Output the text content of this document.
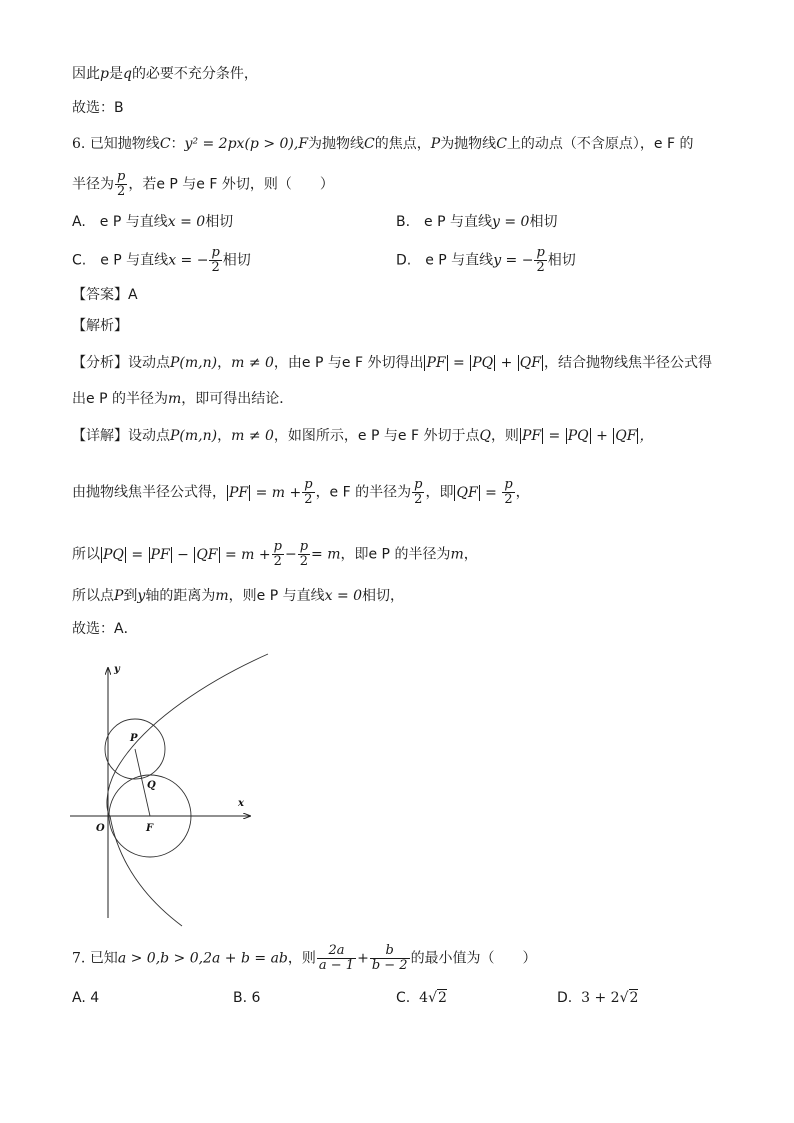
因此p是q的必要不充分条件，
故选：B
6. 已知抛物线C：y² = 2px(p > 0),F为抛物线C的焦点，P为抛物线C上的动点（不含原点），e F 的
半径为 $\frac{p}{2}$ ，若e P 与e F 外切，则（　　）
A.　e P 与直线x = 0相切	B.　e P 与直线y = 0相切
C.　e P 与直线x = − $\frac{p}{2}$ 相切	D.　e P 与直线y = − $\frac{p}{2}$ 相切
【答案】A
【解析】
【分析】设动点P(m,n)，m ≠ 0，由e P 与e F 外切得出 PF = PQ + QF ，结合抛物线焦半径公式得
出e P 的半径为m，即可得出结论．
【详解】设动点P(m,n)，m ≠ 0，如图所示，e P 与e F 外切于点Q，则 PF = PQ + QF ，
由抛物线焦半径公式得， PF = $m + \frac{p}{2}$ ，e F 的半径为 $\frac{p}{2}$ ，即 QF = $\frac{p}{2}$ ，
所以 PQ = PF − QF = $m + \frac{p}{2} - \frac{p}{2} = m$，即e P 的半径为m，
所以点P到y轴的距离为m，则e P 与直线x = 0相切，
故选：A．
y
x
O
P
Q
F
7. 已知a > 0,b > 0,2a + b = ab，则 $\frac{2a}{a - 1} + \frac{b}{b - 2}$ 的最小值为（　　）
A. 4	B. 6	C. 4√2	D. 3 + 2√2
